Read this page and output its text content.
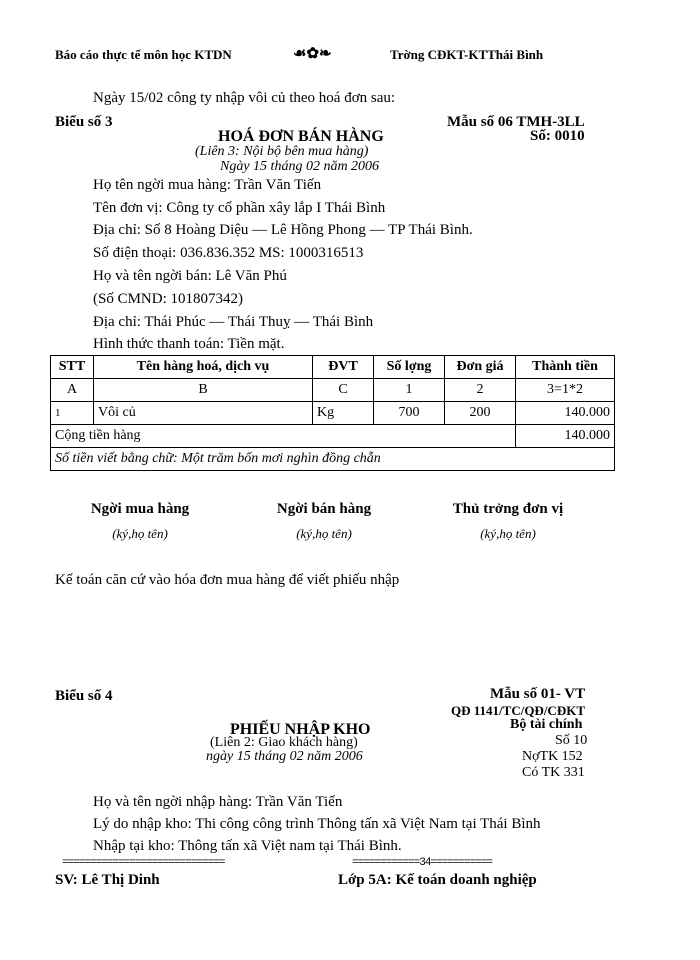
Báo cáo thực tế môn học KTDN	☙✿❧	Trờng CĐKT-KTThái Bình
Ngày 15/02 công ty nhập vôi củ theo hoá đơn sau:
Biểu số 3	Mẫu số 06 TMH-3LL
Số: 0010
HOÁ ĐƠN BÁN HÀNG
(Liên 3: Nội bộ bên mua hàng)
Ngày 15 tháng 02 năm 2006
Họ tên ngời mua hàng: Trần Văn Tiến
Tên đơn vị: Công ty cổ phần xây lắp I Thái Bình
Địa chỉ: Số 8 Hoàng Diệu — Lê Hồng Phong — TP Thái Bình.
Số điện thoại: 036.836.352 MS: 1000316513
Họ và tên ngời bán: Lê Văn Phú
(Số CMND: 101807342)
Địa chỉ: Thái Phúc — Thái Thuỵ — Thái Bình
Hình thức thanh toán: Tiền mặt.
STT	Tên hàng hoá, dịch vụ	ĐVT	Số lợng	Đơn giá	Thành tiền
A	B	C	1	2	3=1*2
1	Vôi củ	Kg	700	200	140.000
Cộng tiền hàng					140.000
Số tiền viết bằng chữ: Một trăm bốn mơi nghìn đồng chẵn					
Ngời mua hàng
(ký,họ tên)
Ngời bán hàng
(ký,họ tên)
Thủ trởng đơn vị
(ký,họ tên)
Kế toán căn cứ vào hóa đơn mua hàng để viết phiếu nhập
Biểu số 4	Mẫu số 01- VT
QĐ 1141/TC/QĐ/CĐKT
Bộ tài chính
Số 10
NợTK 152
Có TK 331
PHIẾU NHẬP KHO
(Liên 2: Giao khách hàng)
ngày 15 tháng 02 năm 2006
Họ và tên ngời nhập hàng: Trần Văn Tiến
Lý do nhập kho: Thi công công trình Thông tấn xã Việt Nam tại Thái Bình
Nhập tại kho: Thông tấn xã Việt nam tại Thái Bình.
=============================	============34===========
SV: Lê Thị Dinh	Lớp 5A: Kế toán doanh nghiệp
